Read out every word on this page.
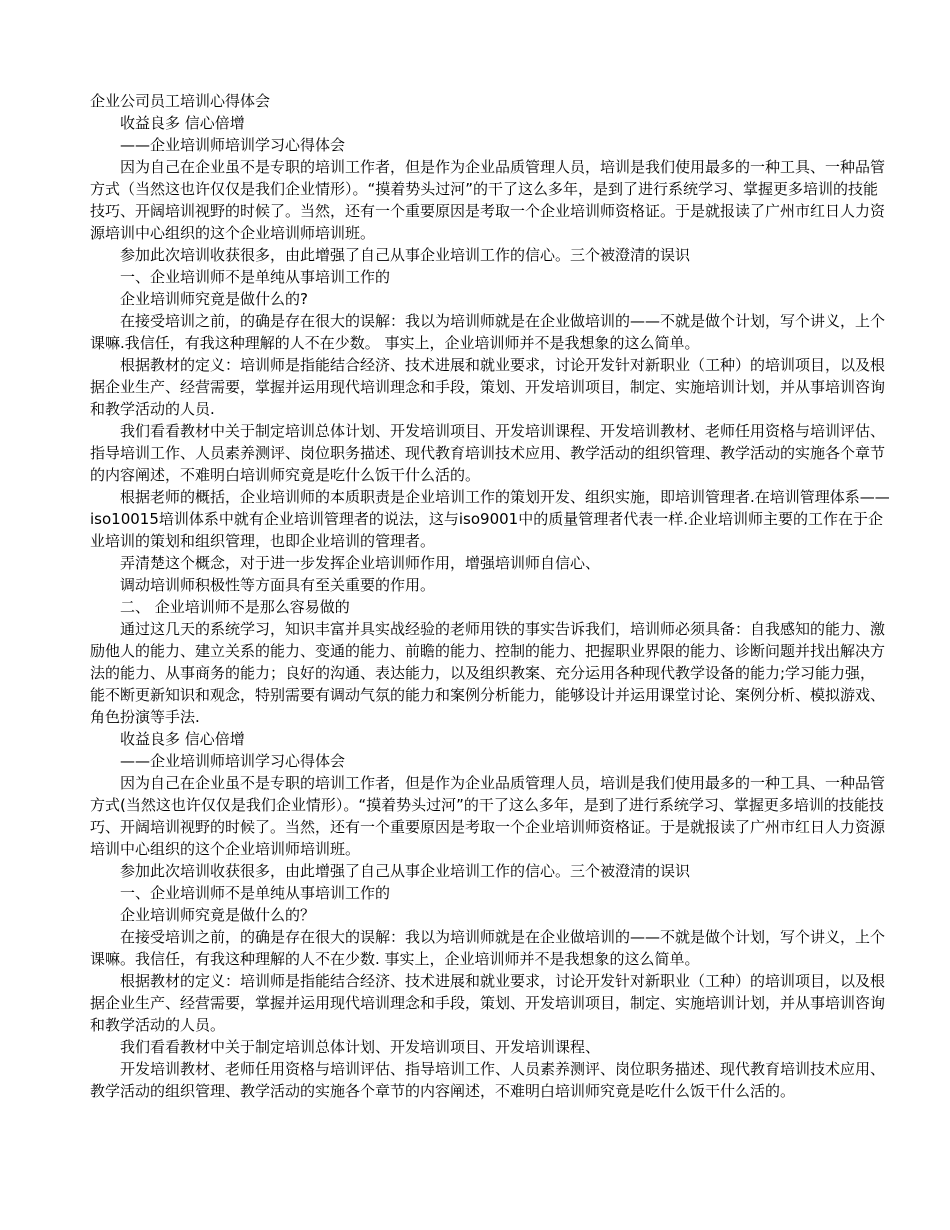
企业公司员工培训心得体会

收益良多 信心倍增

——企业培训师培训学习心得体会

因为自己在企业虽不是专职的培训工作者，但是作为企业品质管理人员，培训是我们使用最多的一种工具、一种品管方式（当然这也许仅仅是我们企业情形）。“摸着势头过河”的干了这么多年，是到了进行系统学习、掌握更多培训的技能技巧、开阔培训视野的时候了。当然，还有一个重要原因是考取一个企业培训师资格证。于是就报读了广州市红日人力资源培训中心组织的这个企业培训师培训班。

参加此次培训收获很多，由此增强了自己从事企业培训工作的信心。三个被澄清的误识

一、企业培训师不是单纯从事培训工作的

企业培训师究竟是做什么的?

在接受培训之前，的确是存在很大的误解：我以为培训师就是在企业做培训的——不就是做个计划，写个讲义，上个课嘛.我信任，有我这种理解的人不在少数。 事实上，企业培训师并不是我想象的这么简单。

根据教材的定义：培训师是指能结合经济、技术进展和就业要求，讨论开发针对新职业（工种）的培训项目，以及根据企业生产、经营需要，掌握并运用现代培训理念和手段，策划、开发培训项目，制定、实施培训计划，并从事培训咨询和教学活动的人员.

我们看看教材中关于制定培训总体计划、开发培训项目、开发培训课程、开发培训教材、老师任用资格与培训评估、指导培训工作、人员素养测评、岗位职务描述、现代教育培训技术应用、教学活动的组织管理、教学活动的实施各个章节的内容阐述，不难明白培训师究竟是吃什么饭干什么活的。

根据老师的概括，企业培训师的本质职责是企业培训工作的策划开发、组织实施，即培训管理者.在培训管理体系——iso10015培训体系中就有企业培训管理者的说法，这与iso9001中的质量管理者代表一样.企业培训师主要的工作在于企业培训的策划和组织管理，也即企业培训的管理者。

弄清楚这个概念，对于进一步发挥企业培训师作用，增强培训师自信心、

调动培训师积极性等方面具有至关重要的作用。

二、 企业培训师不是那么容易做的

通过这几天的系统学习，知识丰富并具实战经验的老师用铁的事实告诉我们，培训师必须具备：自我感知的能力、激励他人的能力、建立关系的能力、变通的能力、前瞻的能力、控制的能力、把握职业界限的能力、诊断问题并找出解决方法的能力、从事商务的能力；良好的沟通、表达能力，以及组织教案、充分运用各种现代教学设备的能力;学习能力强，能不断更新知识和观念，特别需要有调动气氛的能力和案例分析能力，能够设计并运用课堂讨论、案例分析、模拟游戏、角色扮演等手法.

收益良多 信心倍增

——企业培训师培训学习心得体会

因为自己在企业虽不是专职的培训工作者，但是作为企业品质管理人员，培训是我们使用最多的一种工具、一种品管方式(当然这也许仅仅是我们企业情形）。“摸着势头过河”的干了这么多年，是到了进行系统学习、掌握更多培训的技能技巧、开阔培训视野的时候了。当然，还有一个重要原因是考取一个企业培训师资格证。于是就报读了广州市红日人力资源培训中心组织的这个企业培训师培训班。

参加此次培训收获很多，由此增强了自己从事企业培训工作的信心。三个被澄清的误识

一、企业培训师不是单纯从事培训工作的

企业培训师究竟是做什么的？

在接受培训之前，的确是存在很大的误解：我以为培训师就是在企业做培训的——不就是做个计划，写个讲义，上个课嘛。我信任，有我这种理解的人不在少数. 事实上，企业培训师并不是我想象的这么简单。

根据教材的定义：培训师是指能结合经济、技术进展和就业要求，讨论开发针对新职业（工种）的培训项目，以及根据企业生产、经营需要，掌握并运用现代培训理念和手段，策划、开发培训项目，制定、实施培训计划，并从事培训咨询和教学活动的人员。

我们看看教材中关于制定培训总体计划、开发培训项目、开发培训课程、

开发培训教材、老师任用资格与培训评估、指导培训工作、人员素养测评、岗位职务描述、现代教育培训技术应用、教学活动的组织管理、教学活动的实施各个章节的内容阐述，不难明白培训师究竟是吃什么饭干什么活的。
